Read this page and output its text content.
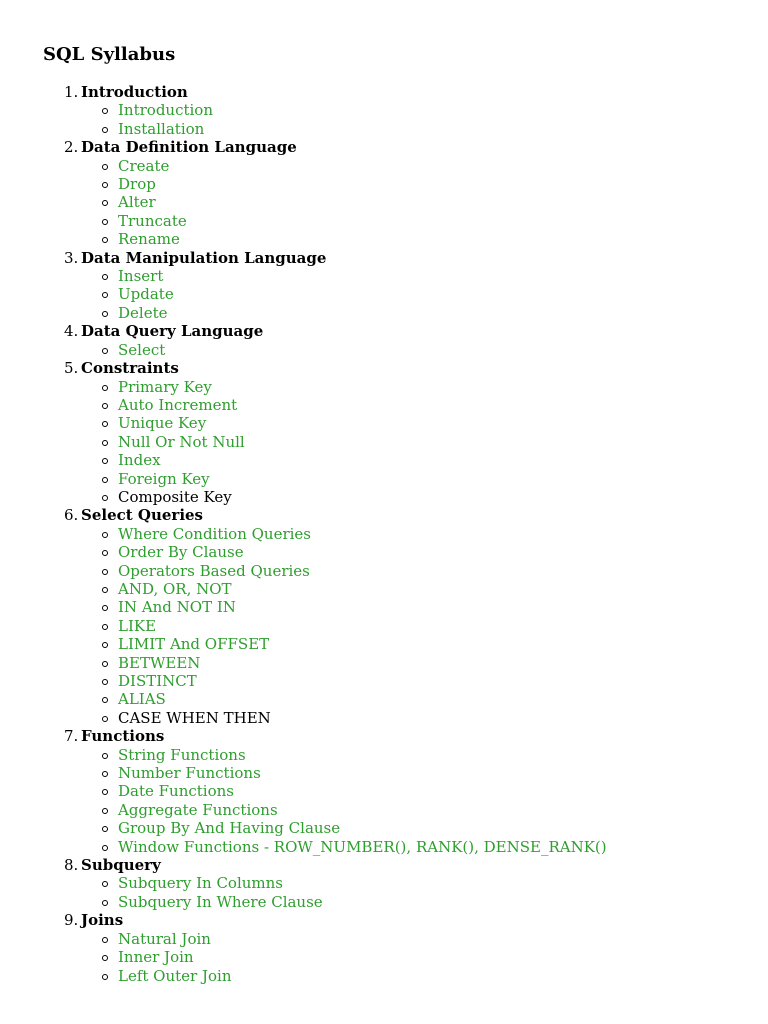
SQL Syllabus
1. Introduction
Introduction
Installation
2. Data Definition Language
Create
Drop
Alter
Truncate
Rename
3. Data Manipulation Language
Insert
Update
Delete
4. Data Query Language
Select
5. Constraints
Primary Key
Auto Increment
Unique Key
Null Or Not Null
Index
Foreign Key
Composite Key
6. Select Queries
Where Condition Queries
Order By Clause
Operators Based Queries
AND, OR, NOT
IN And NOT IN
LIKE
LIMIT And OFFSET
BETWEEN
DISTINCT
ALIAS
CASE WHEN THEN
7. Functions
String Functions
Number Functions
Date Functions
Aggregate Functions
Group By And Having Clause
Window Functions - ROW_NUMBER(), RANK(), DENSE_RANK()
8. Subquery
Subquery In Columns
Subquery In Where Clause
9. Joins
Natural Join
Inner Join
Left Outer Join
